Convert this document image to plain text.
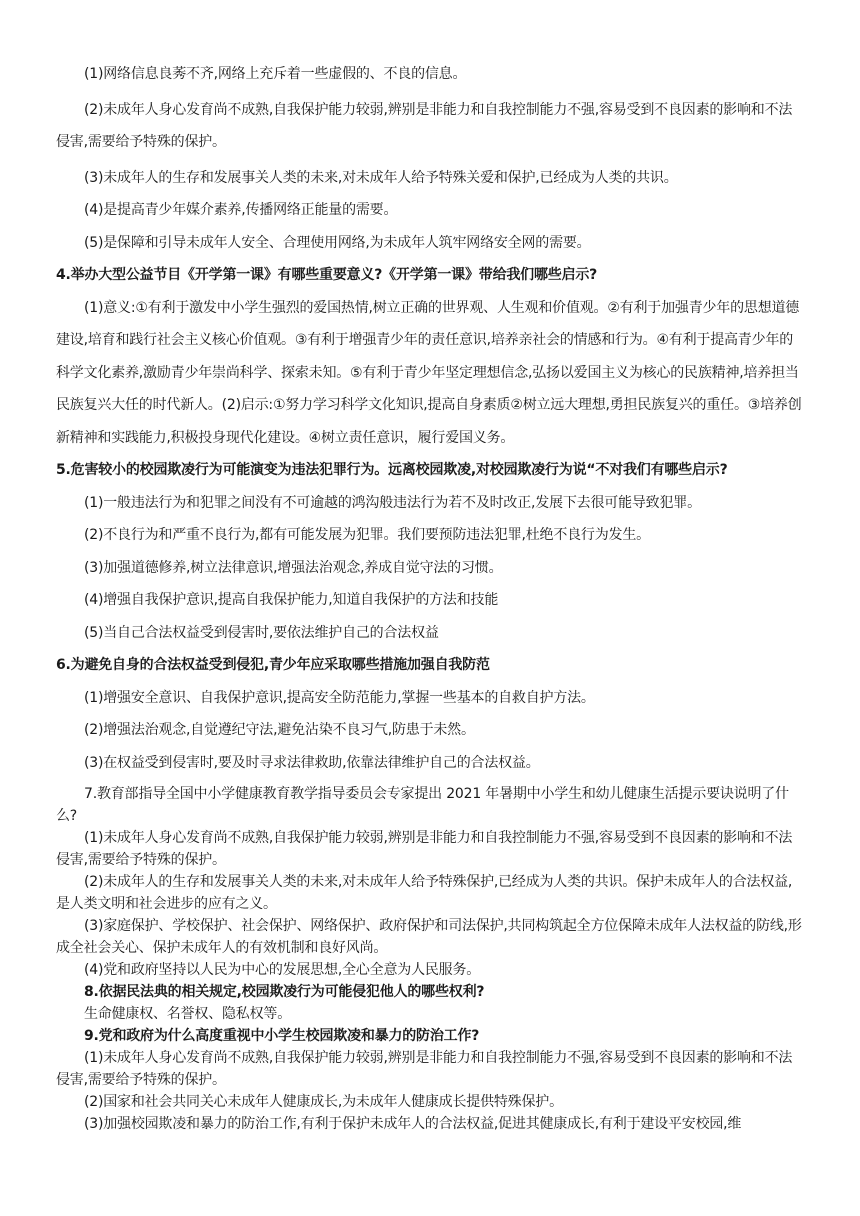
(1)网络信息良莠不齐,网络上充斥着一些虚假的、不良的信息。

(2)未成年人身心发育尚不成熟,自我保护能力较弱,辨别是非能力和自我控制能力不强,容易受到不良因素的影响和不法侵害,需要给予特殊的保护。

(3)未成年人的生存和发展事关人类的未来,对未成年人给予特殊关爱和保护,已经成为人类的共识。

(4)是提高青少年媒介素养,传播网络正能量的需要。

(5)是保障和引导未成年人安全、合理使用网络,为未成年人筑牢网络安全网的需要。

4.举办大型公益节目《开学第一课》有哪些重要意义?《开学第一课》带给我们哪些启示?

(1)意义:①有利于激发中小学生强烈的爱国热情,树立正确的世界观、人生观和价值观。②有利于加强青少年的思想道德建设,培育和践行社会主义核心价值观。③有利于增强青少年的责任意识,培养亲社会的情感和行为。④有利于提高青少年的科学文化素养,激励青少年崇尚科学、探索未知。⑤有利于青少年坚定理想信念,弘扬以爱国主义为核心的民族精神,培养担当民族复兴大任的时代新人。(2)启示:①努力学习科学文化知识,提高自身素质②树立远大理想,勇担民族复兴的重任。③培养创新精神和实践能力,积极投身现代化建设。④树立责任意识，履行爱国义务。

5.危害较小的校园欺凌行为可能演变为违法犯罪行为。远离校园欺凌,对校园欺凌行为说“不对我们有哪些启示?

(1)一般违法行为和犯罪之间没有不可逾越的鸿沟般违法行为若不及时改正,发展下去很可能导致犯罪。

(2)不良行为和严重不良行为,都有可能发展为犯罪。我们要预防违法犯罪,杜绝不良行为发生。

(3)加强道德修养,树立法律意识,增强法治观念,养成自觉守法的习惯。

(4)增强自我保护意识,提高自我保护能力,知道自我保护的方法和技能

(5)当自己合法权益受到侵害时,要依法维护自己的合法权益

6.为避免自身的合法权益受到侵犯,青少年应采取哪些措施加强自我防范

(1)增强安全意识、自我保护意识,提高安全防范能力,掌握一些基本的自救自护方法。

(2)增强法治观念,自觉遵纪守法,避免沾染不良习气,防患于未然。

(3)在权益受到侵害时,要及时寻求法律救助,依靠法律维护自己的合法权益。

7.教育部指导全国中小学健康教育教学指导委员会专家提出 2021 年暑期中小学生和幼儿健康生活提示要诀说明了什么?

(1)未成年人身心发育尚不成熟,自我保护能力较弱,辨别是非能力和自我控制能力不强,容易受到不良因素的影响和不法侵害,需要给予特殊的保护。

(2)未成年人的生存和发展事关人类的未来,对未成年人给予特殊保护,已经成为人类的共识。保护未成年人的合法权益,是人类文明和社会进步的应有之义。

(3)家庭保护、学校保护、社会保护、网络保护、政府保护和司法保护,共同构筑起全方位保障未成年人法权益的防线,形成全社会关心、保护未成年人的有效机制和良好风尚。

(4)党和政府坚持以人民为中心的发展思想,全心全意为人民服务。

8.依据民法典的相关规定,校园欺凌行为可能侵犯他人的哪些权利?

生命健康权、名誉权、隐私权等。

9.党和政府为什么高度重视中小学生校园欺凌和暴力的防治工作?

(1)未成年人身心发育尚不成熟,自我保护能力较弱,辨别是非能力和自我控制能力不强,容易受到不良因素的影响和不法侵害,需要给予特殊的保护。

(2)国家和社会共同关心未成年人健康成长,为未成年人健康成长提供特殊保护。

(3)加强校园欺凌和暴力的防治工作,有利于保护未成年人的合法权益,促进其健康成长,有利于建设平安校园,维
